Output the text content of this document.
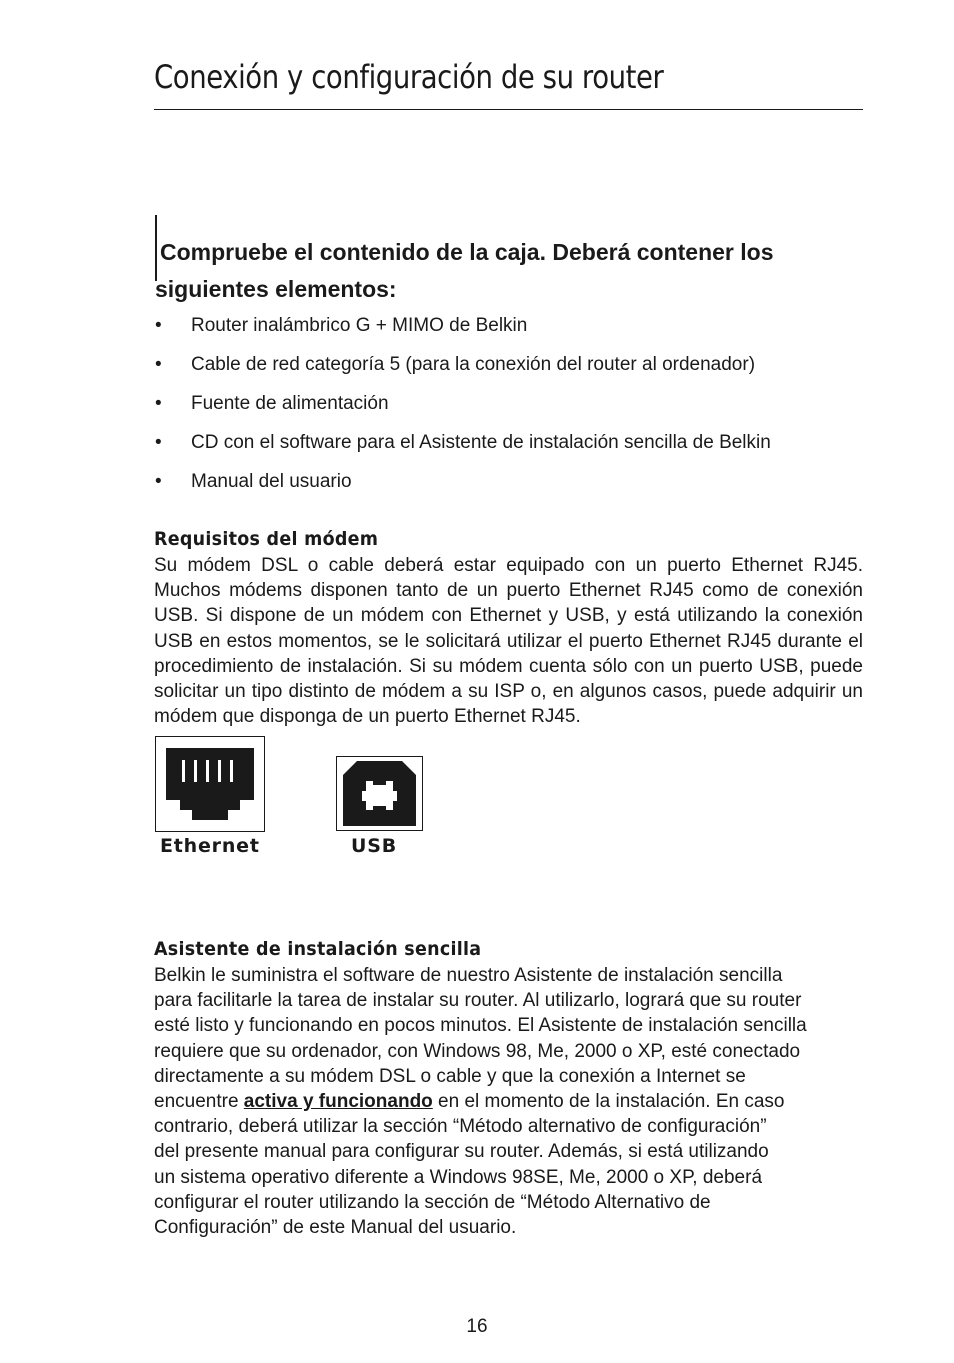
Conexión y configuración de su router
Compruebe el contenido de la caja. Deberá contener los
siguientes elementos:
• Router inalámbrico G + MIMO de Belkin
• Cable de red categoría 5 (para la conexión del router al ordenador)
• Fuente de alimentación
• CD con el software para el Asistente de instalación sencilla de Belkin
• Manual del usuario
Requisitos del módem

Su módem DSL o cable deberá estar equipado con un puerto Ethernet RJ45. Muchos módems disponen tanto de un puerto Ethernet RJ45 como de conexión USB. Si dispone de un módem con Ethernet y USB, y está utilizando la conexión USB en estos momentos, se le solicitará utilizar el puerto Ethernet RJ45 durante el procedimiento de instalación. Si su módem cuenta sólo con un puerto USB, puede solicitar un tipo distinto de módem a su ISP o, en algunos casos, puede adquirir un módem que disponga de un puerto Ethernet RJ45.

Ethernet	USB

Asistente de instalación sencilla

Belkin le suministra el software de nuestro Asistente de instalación sencilla
para facilitarle la tarea de instalar su router. Al utilizarlo, logrará que su router
esté listo y funcionando en pocos minutos. El Asistente de instalación sencilla
requiere que su ordenador, con Windows 98, Me, 2000 o XP, esté conectado
directamente a su módem DSL o cable y que la conexión a Internet se
encuentre activa y funcionando en el momento de la instalación. En caso
contrario, deberá utilizar la sección “Método alternativo de configuración”
del presente manual para configurar su router. Además, si está utilizando
un sistema operativo diferente a Windows 98SE, Me, 2000 o XP, deberá
configurar el router utilizando la sección de “Método Alternativo de
Configuración” de este Manual del usuario.

16
